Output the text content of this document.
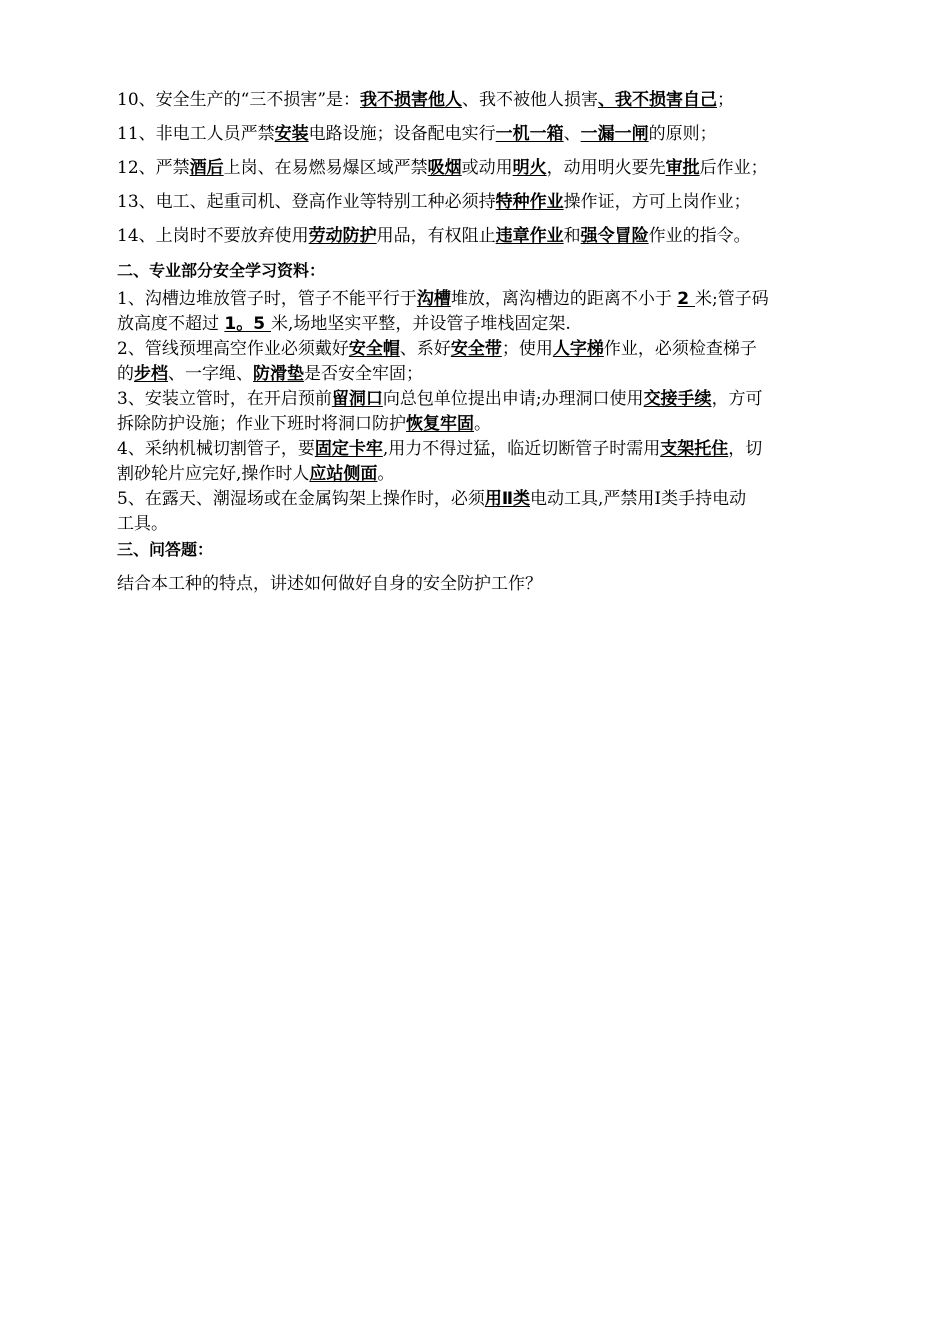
10、安全生产的“三不损害”是：我不损害他人、我不被他人损害、我不损害自己；
11、非电工人员严禁安装电路设施；设备配电实行一机一箱、一漏一闸的原则；
12、严禁酒后上岗、在易燃易爆区域严禁吸烟或动用明火，动用明火要先审批后作业；
13、电工、起重司机、登高作业等特别工种必须持特种作业操作证，方可上岗作业；
14、上岗时不要放弃使用劳动防护用品，有权阻止违章作业和强令冒险作业的指令。
二、专业部分安全学习资料：
1、沟槽边堆放管子时，管子不能平行于沟槽堆放，离沟槽边的距离不小于 2 米;管子码
放高度不超过 1。5 米,场地坚实平整，并设管子堆栈固定架.
2、管线预埋高空作业必须戴好安全帽、系好安全带；使用人字梯作业，必须检查梯子
的步档、一字绳、防滑垫是否安全牢固；
3、安装立管时，在开启预前留洞口向总包单位提出申请;办理洞口使用交接手续，方可
拆除防护设施；作业下班时将洞口防护恢复牢固。
4、采纳机械切割管子，要固定卡牢,用力不得过猛，临近切断管子时需用支架托住，切
割砂轮片应完好,操作时人应站侧面。
5、在露天、潮湿场或在金属钩架上操作时，必须用Ⅱ类电动工具,严禁用Ⅰ类手持电动
工具。
三、问答题：
结合本工种的特点，讲述如何做好自身的安全防护工作？
